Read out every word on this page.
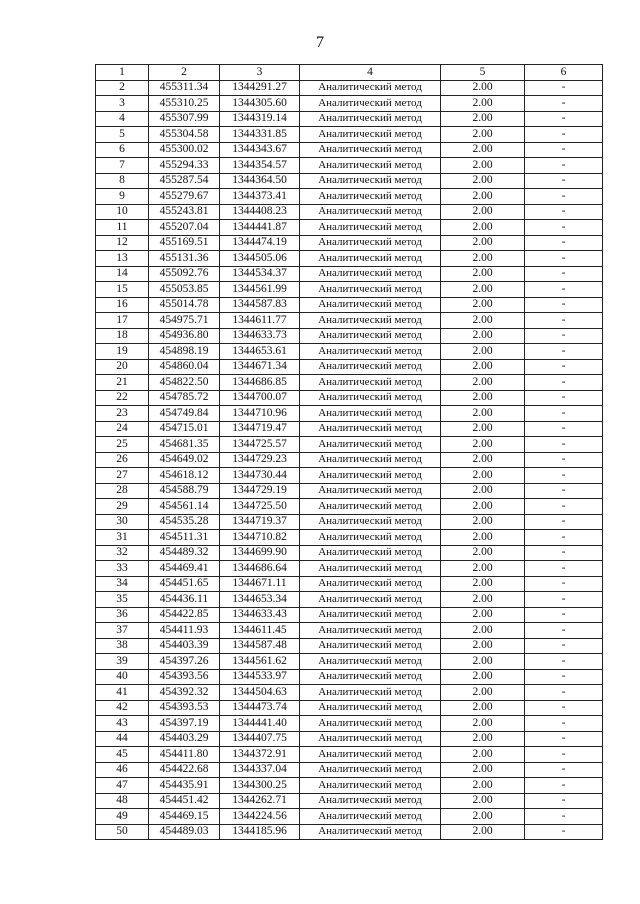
7
1	2	3	4	5	6
2	455311.34	1344291.27	Аналитический метод	2.00	-
3	455310.25	1344305.60	Аналитический метод	2.00	-
4	455307.99	1344319.14	Аналитический метод	2.00	-
5	455304.58	1344331.85	Аналитический метод	2.00	-
6	455300.02	1344343.67	Аналитический метод	2.00	-
7	455294.33	1344354.57	Аналитический метод	2.00	-
8	455287.54	1344364.50	Аналитический метод	2.00	-
9	455279.67	1344373.41	Аналитический метод	2.00	-
10	455243.81	1344408.23	Аналитический метод	2.00	-
11	455207.04	1344441.87	Аналитический метод	2.00	-
12	455169.51	1344474.19	Аналитический метод	2.00	-
13	455131.36	1344505.06	Аналитический метод	2.00	-
14	455092.76	1344534.37	Аналитический метод	2.00	-
15	455053.85	1344561.99	Аналитический метод	2.00	-
16	455014.78	1344587.83	Аналитический метод	2.00	-
17	454975.71	1344611.77	Аналитический метод	2.00	-
18	454936.80	1344633.73	Аналитический метод	2.00	-
19	454898.19	1344653.61	Аналитический метод	2.00	-
20	454860.04	1344671.34	Аналитический метод	2.00	-
21	454822.50	1344686.85	Аналитический метод	2.00	-
22	454785.72	1344700.07	Аналитический метод	2.00	-
23	454749.84	1344710.96	Аналитический метод	2.00	-
24	454715.01	1344719.47	Аналитический метод	2.00	-
25	454681.35	1344725.57	Аналитический метод	2.00	-
26	454649.02	1344729.23	Аналитический метод	2.00	-
27	454618.12	1344730.44	Аналитический метод	2.00	-
28	454588.79	1344729.19	Аналитический метод	2.00	-
29	454561.14	1344725.50	Аналитический метод	2.00	-
30	454535.28	1344719.37	Аналитический метод	2.00	-
31	454511.31	1344710.82	Аналитический метод	2.00	-
32	454489.32	1344699.90	Аналитический метод	2.00	-
33	454469.41	1344686.64	Аналитический метод	2.00	-
34	454451.65	1344671.11	Аналитический метод	2.00	-
35	454436.11	1344653.34	Аналитический метод	2.00	-
36	454422.85	1344633.43	Аналитический метод	2.00	-
37	454411.93	1344611.45	Аналитический метод	2.00	-
38	454403.39	1344587.48	Аналитический метод	2.00	-
39	454397.26	1344561.62	Аналитический метод	2.00	-
40	454393.56	1344533.97	Аналитический метод	2.00	-
41	454392.32	1344504.63	Аналитический метод	2.00	-
42	454393.53	1344473.74	Аналитический метод	2.00	-
43	454397.19	1344441.40	Аналитический метод	2.00	-
44	454403.29	1344407.75	Аналитический метод	2.00	-
45	454411.80	1344372.91	Аналитический метод	2.00	-
46	454422.68	1344337.04	Аналитический метод	2.00	-
47	454435.91	1344300.25	Аналитический метод	2.00	-
48	454451.42	1344262.71	Аналитический метод	2.00	-
49	454469.15	1344224.56	Аналитический метод	2.00	-
50	454489.03	1344185.96	Аналитический метод	2.00	-
